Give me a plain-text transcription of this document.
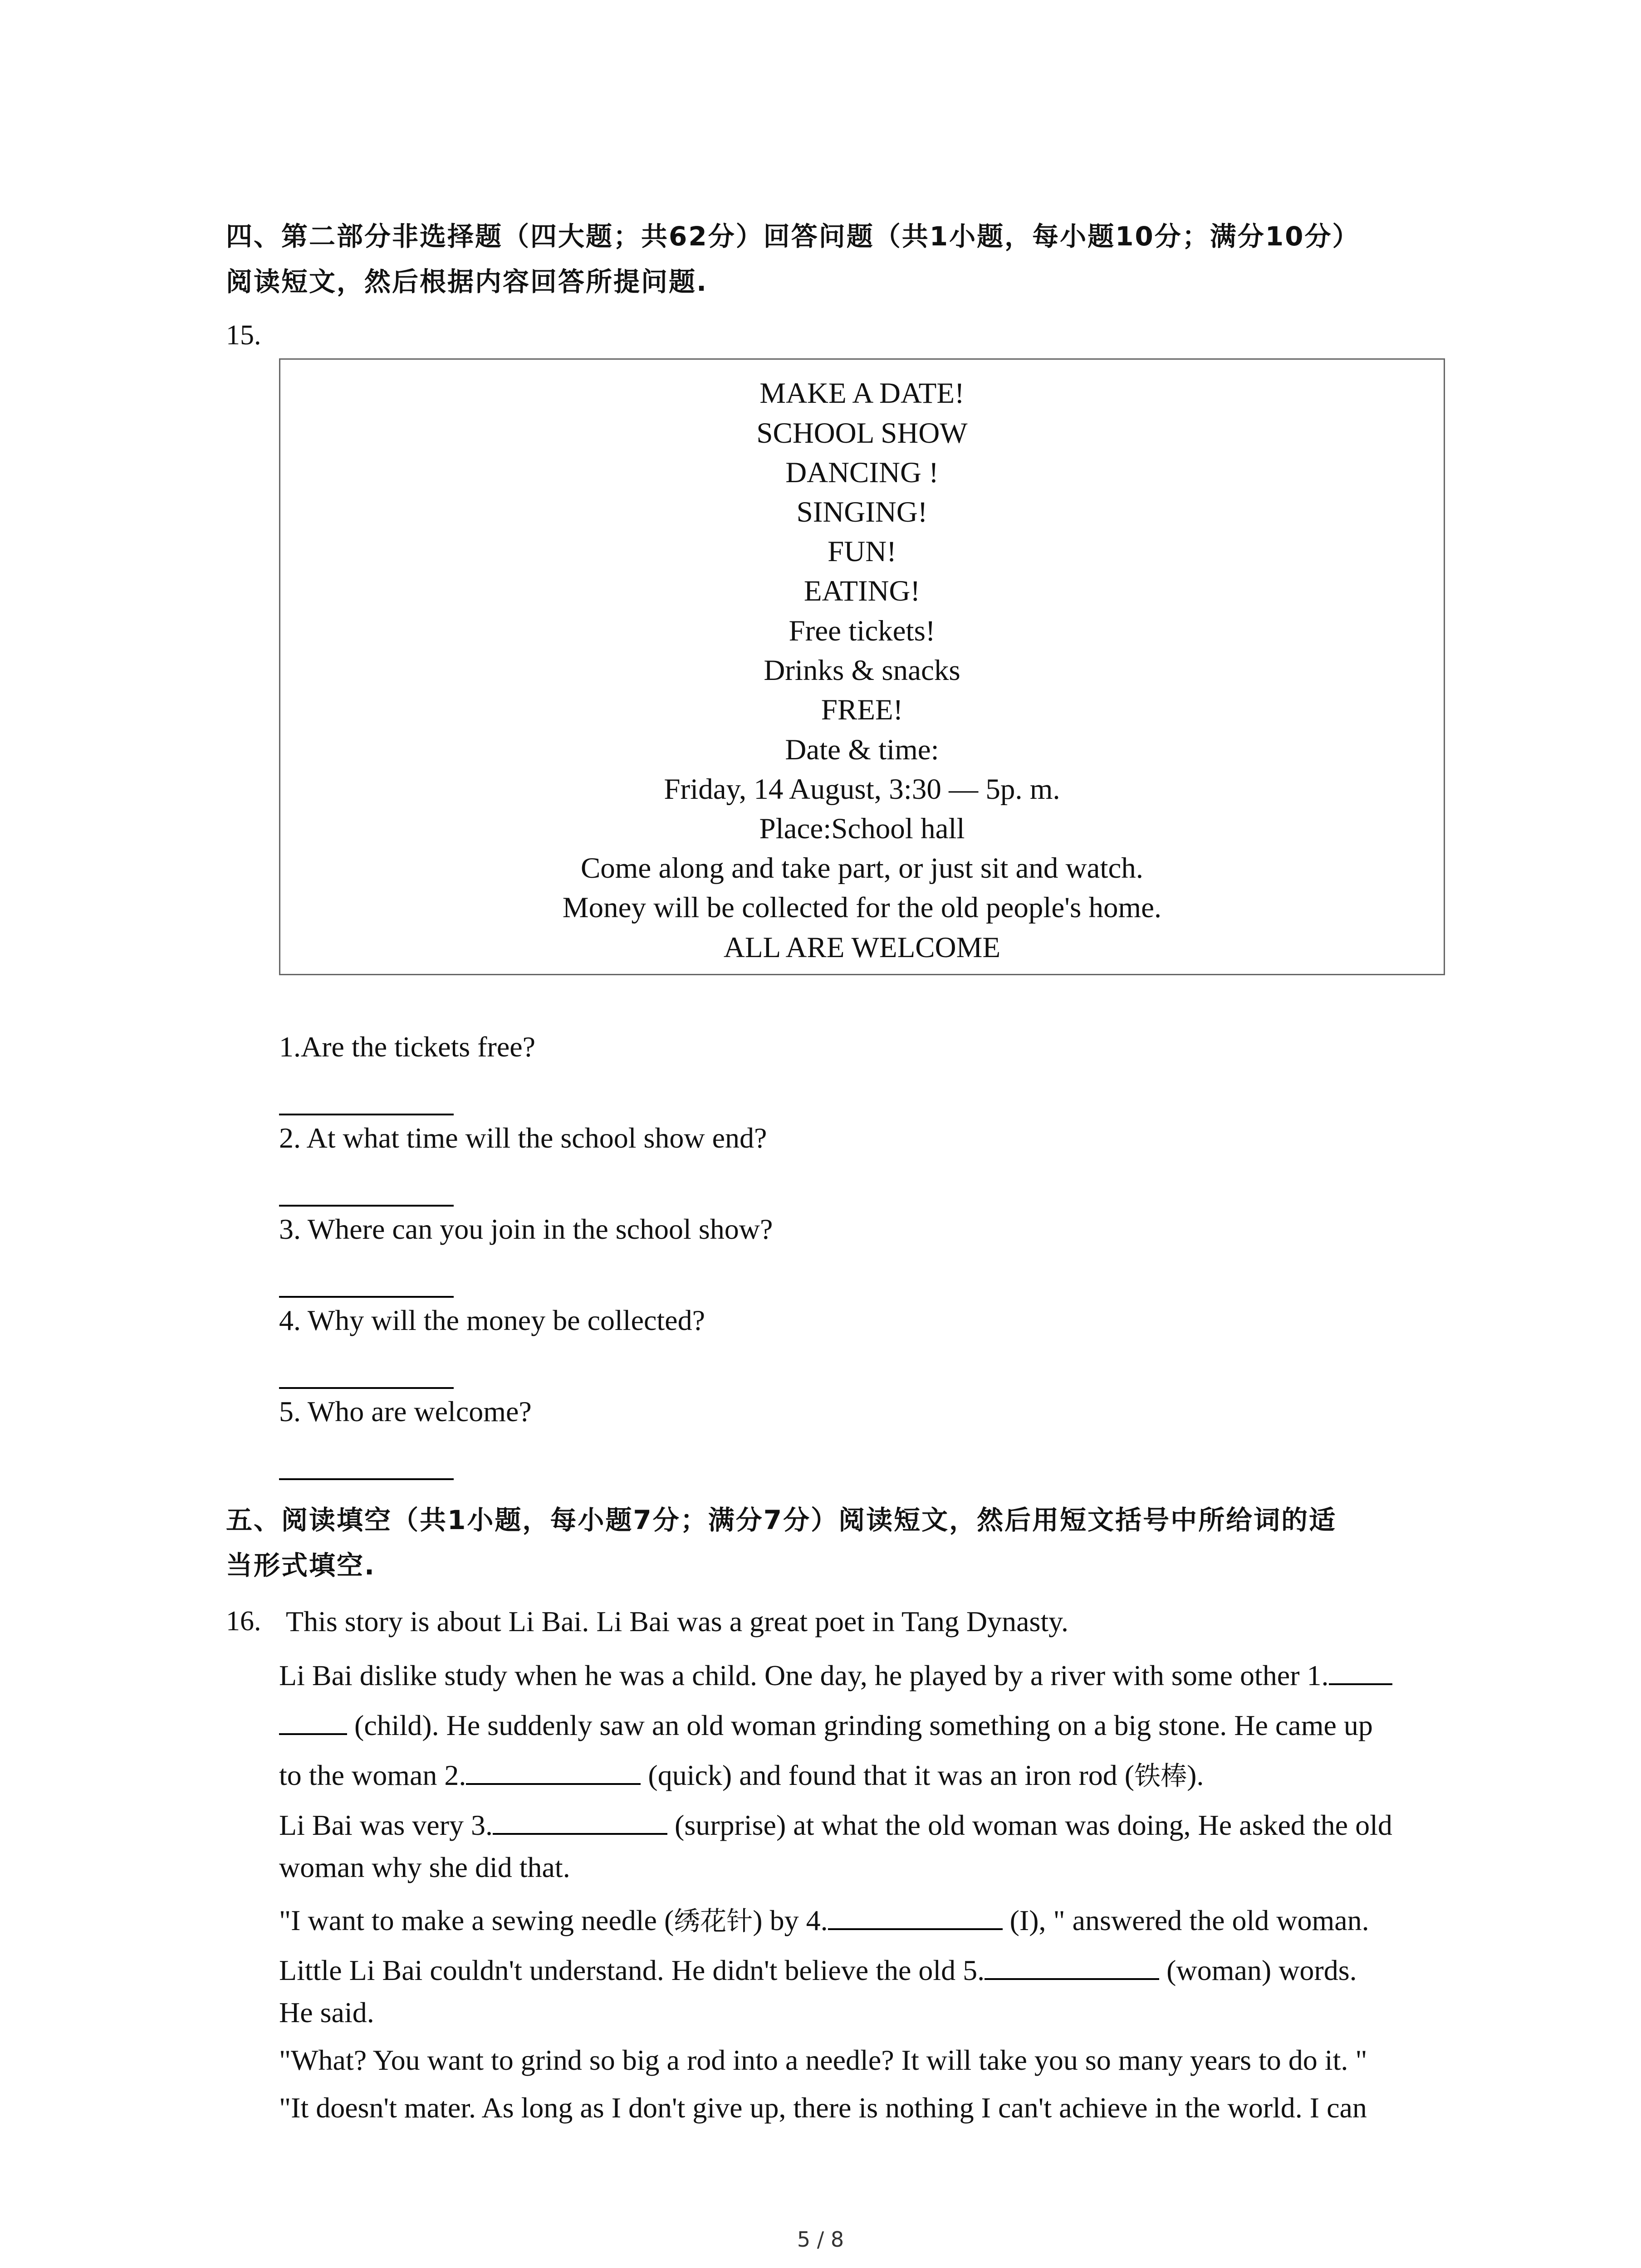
四、第二部分非选择题（四大题；共62分）回答问题（共1小题，每小题10分；满分10分）
阅读短文，然后根据内容回答所提问题.
15.
MAKE A DATE!
SCHOOL SHOW
DANCING !
SINGING!
FUN!
EATING!
Free tickets!
Drinks & snacks
FREE!
Date & time:
Friday, 14 August, 3:30 — 5p. m.
Place:School hall
Come along and take part, or just sit and watch.
Money will be collected for the old people's home.
ALL ARE WELCOME
1.Are the tickets free?
2. At what time will the school show end?
3. Where can you join in the school show?
4. Why will the money be collected?
5. Who are welcome?
五、阅读填空（共1小题，每小题7分；满分7分）阅读短文，然后用短文括号中所给词的适
当形式填空.
16. This story is about Li Bai. Li Bai was a great poet in Tang Dynasty.
Li Bai dislike study when he was a child. One day, he played by a river with some other 1.
(child). He suddenly saw an old woman grinding something on a big stone. He came up
to the woman 2.	(quick) and found that it was an iron rod (铁棒).
Li Bai was very 3.	(surprise) at what the old woman was doing, He asked the old
woman why she did that.
"I want to make a sewing needle (绣花针) by 4.	(I), " answered the old woman.
Little Li Bai couldn't understand. He didn't believe the old 5.	(woman) words.
He said.
"What? You want to grind so big a rod into a needle? It will take you so many years to do it. "
"It doesn't mater. As long as I don't give up, there is nothing I can't achieve in the world. I can
5 / 8
